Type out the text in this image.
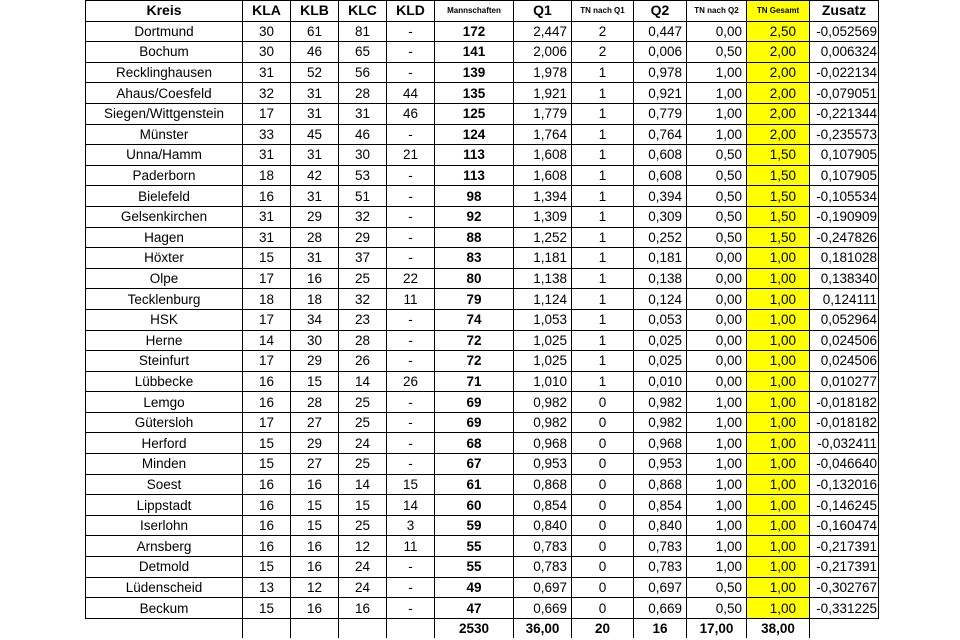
Kreis	KLA	KLB	KLC	KLD	Mannschaften	Q1	TN nach Q1	Q2	TN nach Q2	TN Gesamt	Zusatz
Dortmund	30	61	81	-	172	2,447	2	0,447	0,00	2,50	-0,052569
Bochum	30	46	65	-	141	2,006	2	0,006	0,50	2,00	0,006324
Recklinghausen	31	52	56	-	139	1,978	1	0,978	1,00	2,00	-0,022134
Ahaus/Coesfeld	32	31	28	44	135	1,921	1	0,921	1,00	2,00	-0,079051
Siegen/Wittgenstein	17	31	31	46	125	1,779	1	0,779	1,00	2,00	-0,221344
Münster	33	45	46	-	124	1,764	1	0,764	1,00	2,00	-0,235573
Unna/Hamm	31	31	30	21	113	1,608	1	0,608	0,50	1,50	0,107905
Paderborn	18	42	53	-	113	1,608	1	0,608	0,50	1,50	0,107905
Bielefeld	16	31	51	-	98	1,394	1	0,394	0,50	1,50	-0,105534
Gelsenkirchen	31	29	32	-	92	1,309	1	0,309	0,50	1,50	-0,190909
Hagen	31	28	29	-	88	1,252	1	0,252	0,50	1,50	-0,247826
Höxter	15	31	37	-	83	1,181	1	0,181	0,00	1,00	0,181028
Olpe	17	16	25	22	80	1,138	1	0,138	0,00	1,00	0,138340
Tecklenburg	18	18	32	11	79	1,124	1	0,124	0,00	1,00	0,124111
HSK	17	34	23	-	74	1,053	1	0,053	0,00	1,00	0,052964
Herne	14	30	28	-	72	1,025	1	0,025	0,00	1,00	0,024506
Steinfurt	17	29	26	-	72	1,025	1	0,025	0,00	1,00	0,024506
Lübbecke	16	15	14	26	71	1,010	1	0,010	0,00	1,00	0,010277
Lemgo	16	28	25	-	69	0,982	0	0,982	1,00	1,00	-0,018182
Gütersloh	17	27	25	-	69	0,982	0	0,982	1,00	1,00	-0,018182
Herford	15	29	24	-	68	0,968	0	0,968	1,00	1,00	-0,032411
Minden	15	27	25	-	67	0,953	0	0,953	1,00	1,00	-0,046640
Soest	16	16	14	15	61	0,868	0	0,868	1,00	1,00	-0,132016
Lippstadt	16	15	15	14	60	0,854	0	0,854	1,00	1,00	-0,146245
Iserlohn	16	15	25	3	59	0,840	0	0,840	1,00	1,00	-0,160474
Arnsberg	16	16	12	11	55	0,783	0	0,783	1,00	1,00	-0,217391
Detmold	15	16	24	-	55	0,783	0	0,783	1,00	1,00	-0,217391
Lüdenscheid	13	12	24	-	49	0,697	0	0,697	0,50	1,00	-0,302767
Beckum	15	16	16	-	47	0,669	0	0,669	0,50	1,00	-0,331225
					2530	36,00	20	16	17,00	38,00	
